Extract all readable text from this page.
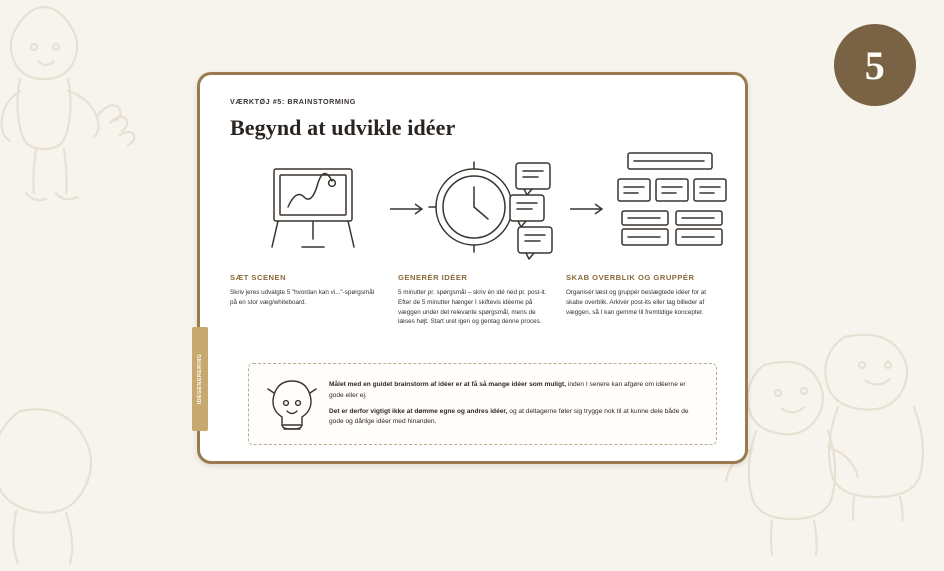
5
IDÉGENERERING
VÆRKTØJ #5: BRAINSTORMING
Begynd at udvikle idéer
SÆT SCENEN

Skriv jeres udvalgte 5 "hvordan kan vi..."-spørgsmål på en stor væg/whiteboard.

GENERÉR IDÉER

5 minutter pr. spørgsmål – skriv én idé ned pr. post-it. Efter de 5 minutter hænger I skiftevis idéerne på væggen under det relevante spørgsmål, mens de læses højt. Start uret igen og gentag denne proces.

SKAB OVERBLIK OG GRUPPÉR

Organisér læst og gruppér beslægtede idéer for at skabe overblik. Arkivér post-its eller tag billeder af væggen, så I kan gemme til fremtidige koncepter.

Målet med en guidet brainstorm af idéer er at få så mange idéer som muligt, inden I senere kan afgøre om idéerne er gode eller ej.

Det er derfor vigtigt ikke at dømme egne og andres idéer, og at deltagerne føler sig trygge nok til at kunne dele både de gode og dårlige idéer med hinanden.
